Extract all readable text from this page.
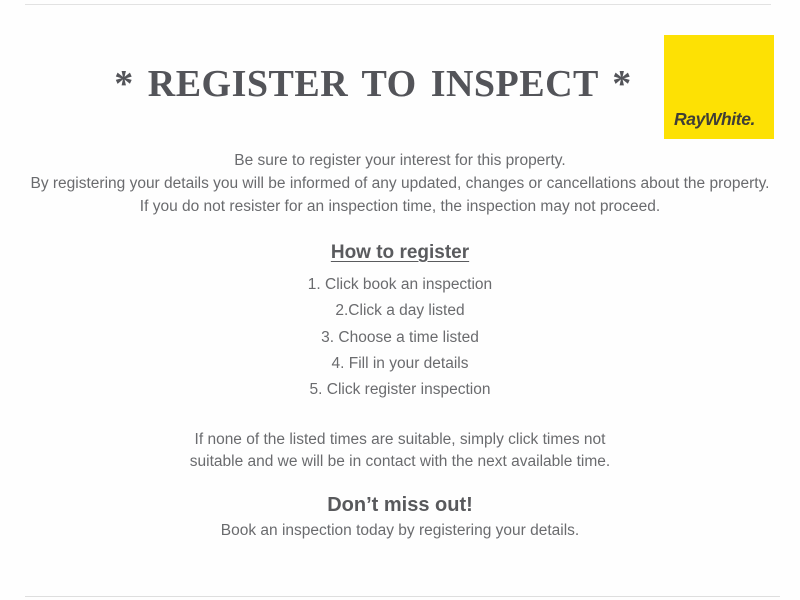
* REGISTER TO INSPECT *
RayWhite.
Be sure to register your interest for this property.
By registering your details you will be informed of any updated, changes or cancellations about the property.
If you do not resister for an inspection time, the inspection may not proceed.
How to register
1. Click book an inspection
2.Click a day listed
3. Choose a time listed
4. Fill in your details
5. Click register inspection
If none of the listed times are suitable, simply click times not
suitable and we will be in contact with the next available time.
Don’t miss out!
Book an inspection today by registering your details.
